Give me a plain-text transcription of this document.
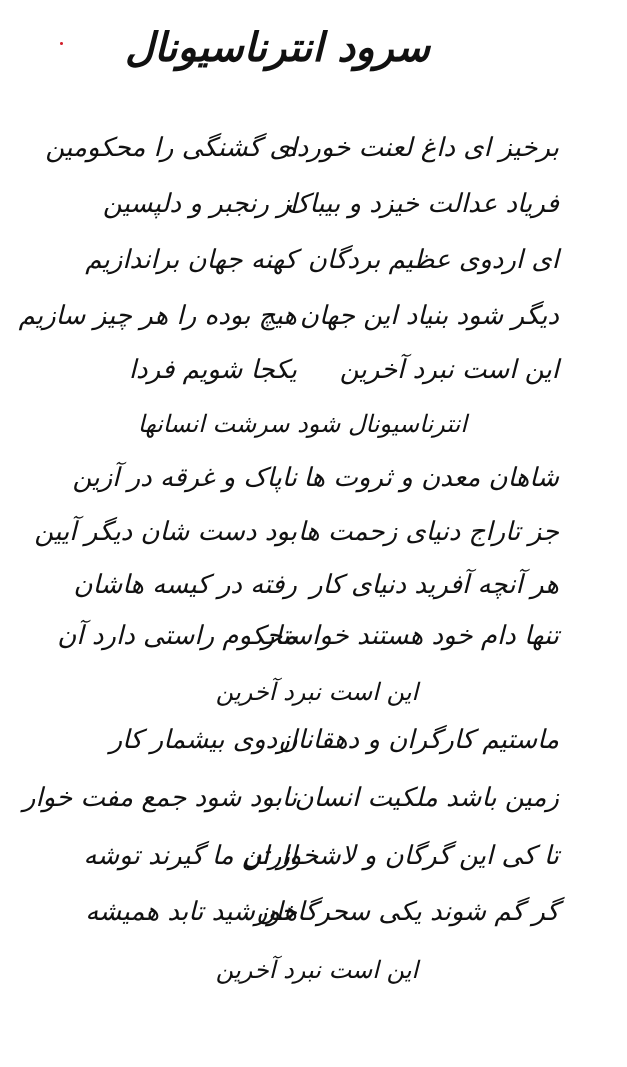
سرود انترناسیونال
برخیز ای داغ لعنت خورده
ای گشنگی را محکومین
فریاد عدالت خیزد و بیباک
از رنجبر و دلپسین
ای اردوی عظیم بردگان
کهنه جهان براندازیم
دیگر شود بنیاد این جهان
هیچ بوده را هر چیز سازیم
این است نبرد آخرین
یکجا شویم فردا
انترناسیونال شود سرشت انسانها
شاهان معدن و ثروت ها
ناپاک و غرقه در آزین
جز تاراج دنیای زحمت ها
بود دست شان دیگر آیین
هر آنچه آفرید دنیای کار
رفته در کیسه هاشان
تنها دام خود هستند خواستار
محکوم راستی دارد آن
این است نبرد آخرین
ماستیم کارگران و دهقانان
اردوی بیشمار کار
زمین باشد ملکیت انسان
نابود شود جمع مفت خوار
تا کی این گرگان و لاشخواران
از تن ما گیرند توشه
گر گم شوند یکی سحرگاهان
خورشید تابد همیشه
این است نبرد آخرین
